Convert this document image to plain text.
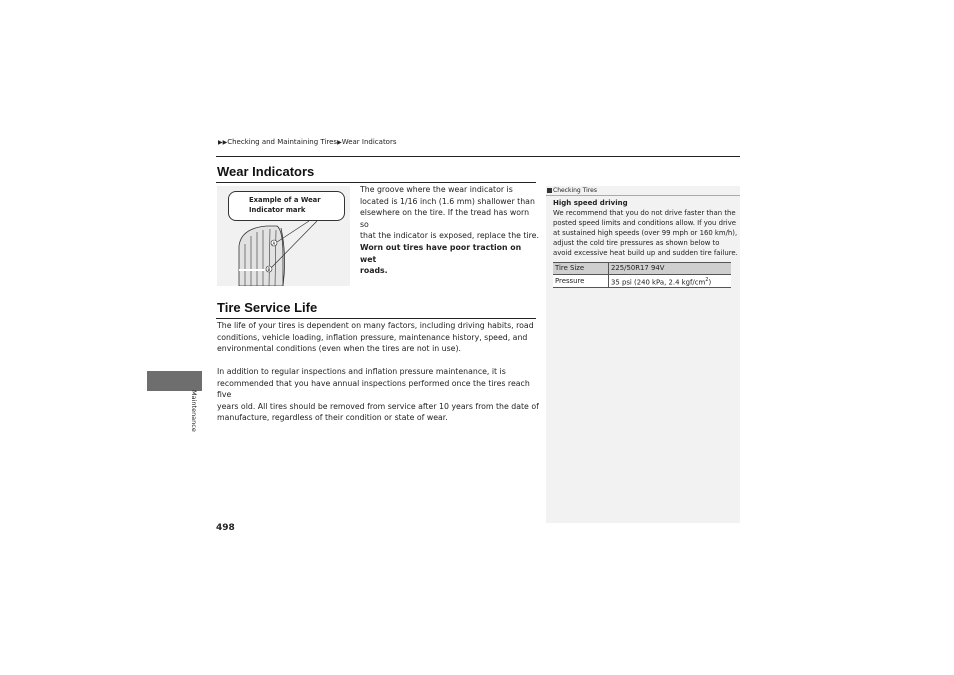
▶▶Checking and Maintaining Tires▶Wear Indicators
Wear Indicators
A
B
Example of a Wear
Indicator mark
The groove where the wear indicator is
located is 1/16 inch (1.6 mm) shallower than
elsewhere on the tire. If the tread has worn so
that the indicator is exposed, replace the tire.
Worn out tires have poor traction on wet
roads.
Tire Service Life
The life of your tires is dependent on many factors, including driving habits, road
conditions, vehicle loading, inflation pressure, maintenance history, speed, and
environmental conditions (even when the tires are not in use).
In addition to regular inspections and inflation pressure maintenance, it is
recommended that you have annual inspections performed once the tires reach five
years old. All tires should be removed from service after 10 years from the date of
manufacture, regardless of their condition or state of wear.
Checking Tires
High speed driving
We recommend that you do not drive faster than the
posted speed limits and conditions allow. If you drive
at sustained high speeds (over 99 mph or 160 km/h),
adjust the cold tire pressures as shown below to
avoid excessive heat build up and sudden tire failure.
Tire Size	225/50R17 94V
Pressure	35 psi (240 kPa, 2.4 kgf/$cm^2$)
Maintenance
498
